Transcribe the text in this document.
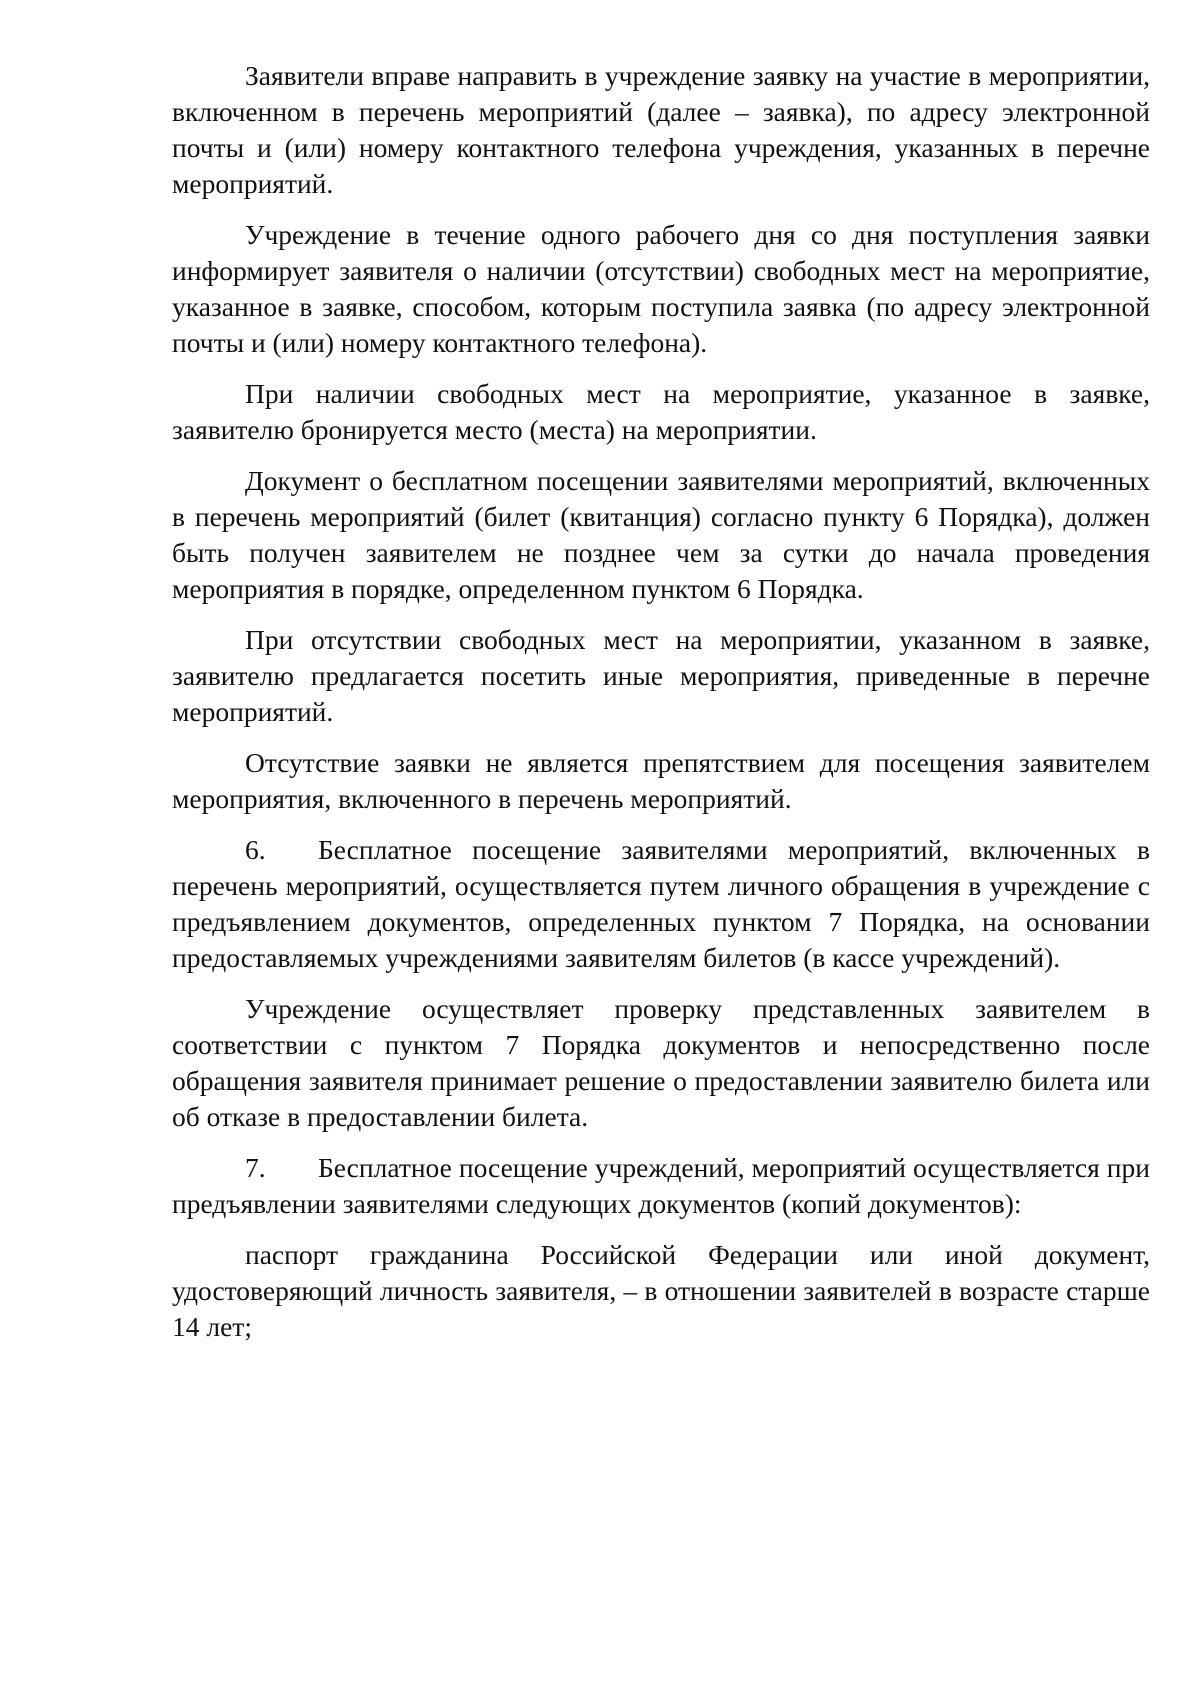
Заявители вправе направить в учреждение заявку на участие в мероприятии, включенном в перечень мероприятий (далее – заявка), по адресу электронной почты и (или) номеру контактного телефона учреждения, указанных в перечне мероприятий.

Учреждение в течение одного рабочего дня со дня поступления заявки информирует заявителя о наличии (отсутствии) свободных мест на мероприятие, указанное в заявке, способом, которым поступила заявка (по адресу электронной почты и (или) номеру контактного телефона).

При наличии свободных мест на мероприятие, указанное в заявке, заявителю бронируется место (места) на мероприятии.

Документ о бесплатном посещении заявителями мероприятий, включенных в перечень мероприятий (билет (квитанция) согласно пункту 6 Порядка), должен быть получен заявителем не позднее чем за сутки до начала проведения мероприятия в порядке, определенном пунктом 6 Порядка.

При отсутствии свободных мест на мероприятии, указанном в заявке, заявителю предлагается посетить иные мероприятия, приведенные в перечне мероприятий.

Отсутствие заявки не является препятствием для посещения заявителем мероприятия, включенного в перечень мероприятий.

6. Бесплатное посещение заявителями мероприятий, включенных в перечень мероприятий, осуществляется путем личного обращения в учреждение с предъявлением документов, определенных пунктом 7 Порядка, на основании предоставляемых учреждениями заявителям билетов (в кассе учреждений).

Учреждение осуществляет проверку представленных заявителем в соответствии с пунктом 7 Порядка документов и непосредственно после обращения заявителя принимает решение о предоставлении заявителю билета или об отказе в предоставлении билета.

7. Бесплатное посещение учреждений, мероприятий осуществляется при предъявлении заявителями следующих документов (копий документов):

паспорт гражданина Российской Федерации или иной документ, удостоверяющий личность заявителя, – в отношении заявителей в возрасте старше 14 лет;
